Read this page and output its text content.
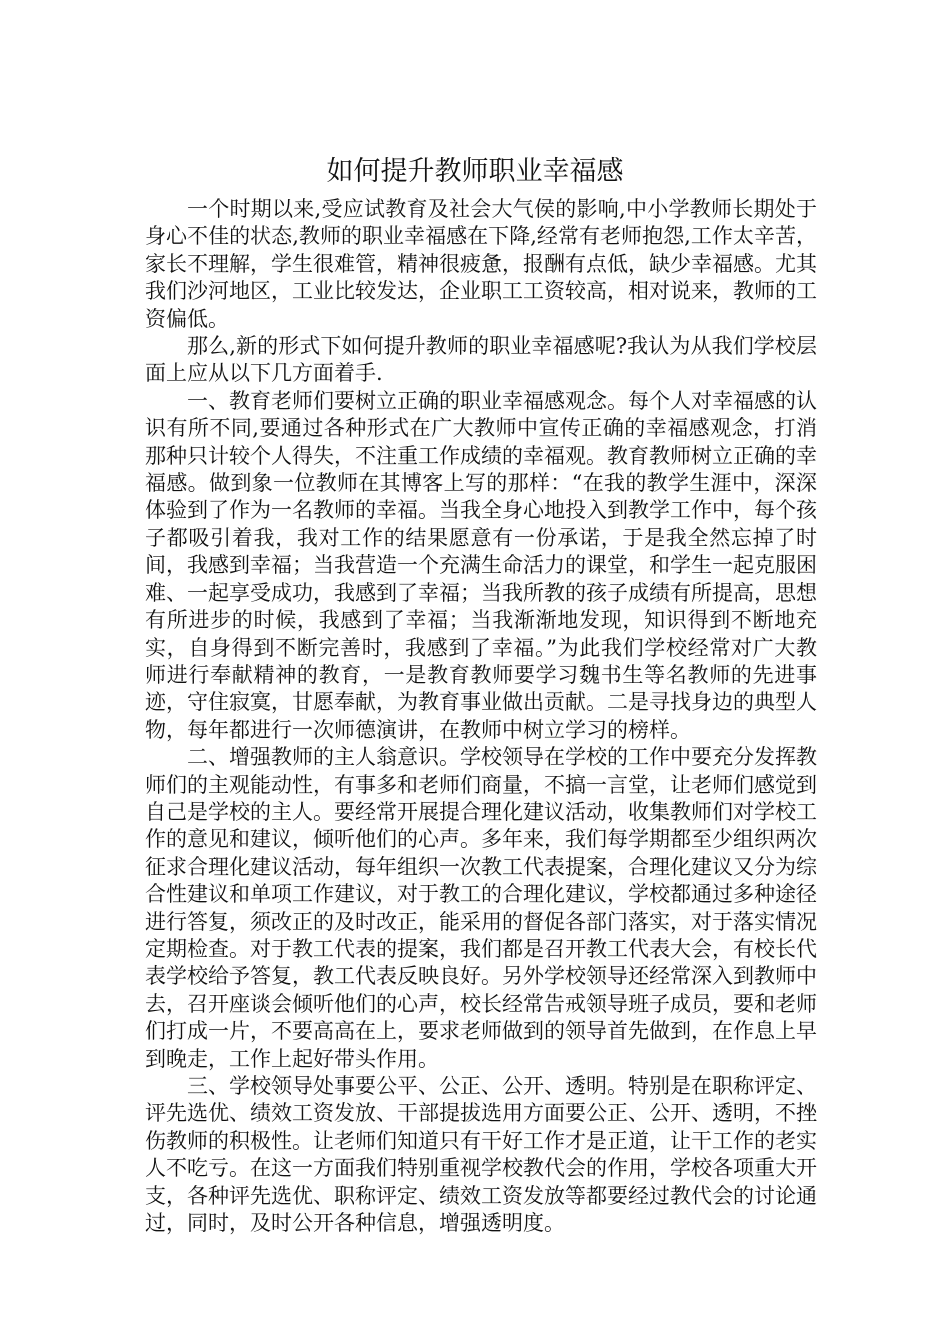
如何提升教师职业幸福感

一个时期以来,受应试教育及社会大气侯的影响,中小学教师长期处于身心不佳的状态,教师的职业幸福感在下降,经常有老师抱怨,工作太辛苦，家长不理解，学生很难管，精神很疲惫，报酬有点低，缺少幸福感。尤其我们沙河地区，工业比较发达，企业职工工资较高，相对说来，教师的工资偏低。

那么,新的形式下如何提升教师的职业幸福感呢?我认为从我们学校层面上应从以下几方面着手.

一、教育老师们要树立正确的职业幸福感观念。每个人对幸福感的认识有所不同,要通过各种形式在广大教师中宣传正确的幸福感观念，打消那种只计较个人得失，不注重工作成绩的幸福观。教育教师树立正确的幸福感。做到象一位教师在其博客上写的那样：“在我的教学生涯中，深深体验到了作为一名教师的幸福。当我全身心地投入到教学工作中，每个孩子都吸引着我，我对工作的结果愿意有一份承诺，于是我全然忘掉了时间，我感到幸福；当我营造一个充满生命活力的课堂，和学生一起克服困难、一起享受成功，我感到了幸福；当我所教的孩子成绩有所提高，思想有所进步的时候，我感到了幸福；当我渐渐地发现，知识得到不断地充实，自身得到不断完善时，我感到了幸福。”为此我们学校经常对广大教师进行奉献精神的教育，一是教育教师要学习魏书生等名教师的先进事迹，守住寂寞，甘愿奉献，为教育事业做出贡献。二是寻找身边的典型人物，每年都进行一次师德演讲，在教师中树立学习的榜样。

二、增强教师的主人翁意识。学校领导在学校的工作中要充分发挥教师们的主观能动性，有事多和老师们商量，不搞一言堂，让老师们感觉到自己是学校的主人。要经常开展提合理化建议活动，收集教师们对学校工作的意见和建议，倾听他们的心声。多年来，我们每学期都至少组织两次征求合理化建议活动，每年组织一次教工代表提案，合理化建议又分为综合性建议和单项工作建议，对于教工的合理化建议，学校都通过多种途径进行答复，须改正的及时改正，能采用的督促各部门落实，对于落实情况定期检查。对于教工代表的提案，我们都是召开教工代表大会，有校长代表学校给予答复，教工代表反映良好。另外学校领导还经常深入到教师中去，召开座谈会倾听他们的心声，校长经常告戒领导班子成员，要和老师们打成一片，不要高高在上，要求老师做到的领导首先做到，在作息上早到晚走，工作上起好带头作用。

三、学校领导处事要公平、公正、公开、透明。特别是在职称评定、评先选优、绩效工资发放、干部提拔选用方面要公正、公开、透明，不挫伤教师的积极性。让老师们知道只有干好工作才是正道，让干工作的老实人不吃亏。在这一方面我们特别重视学校教代会的作用，学校各项重大开支，各种评先选优、职称评定、绩效工资发放等都要经过教代会的讨论通过，同时，及时公开各种信息，增强透明度。
